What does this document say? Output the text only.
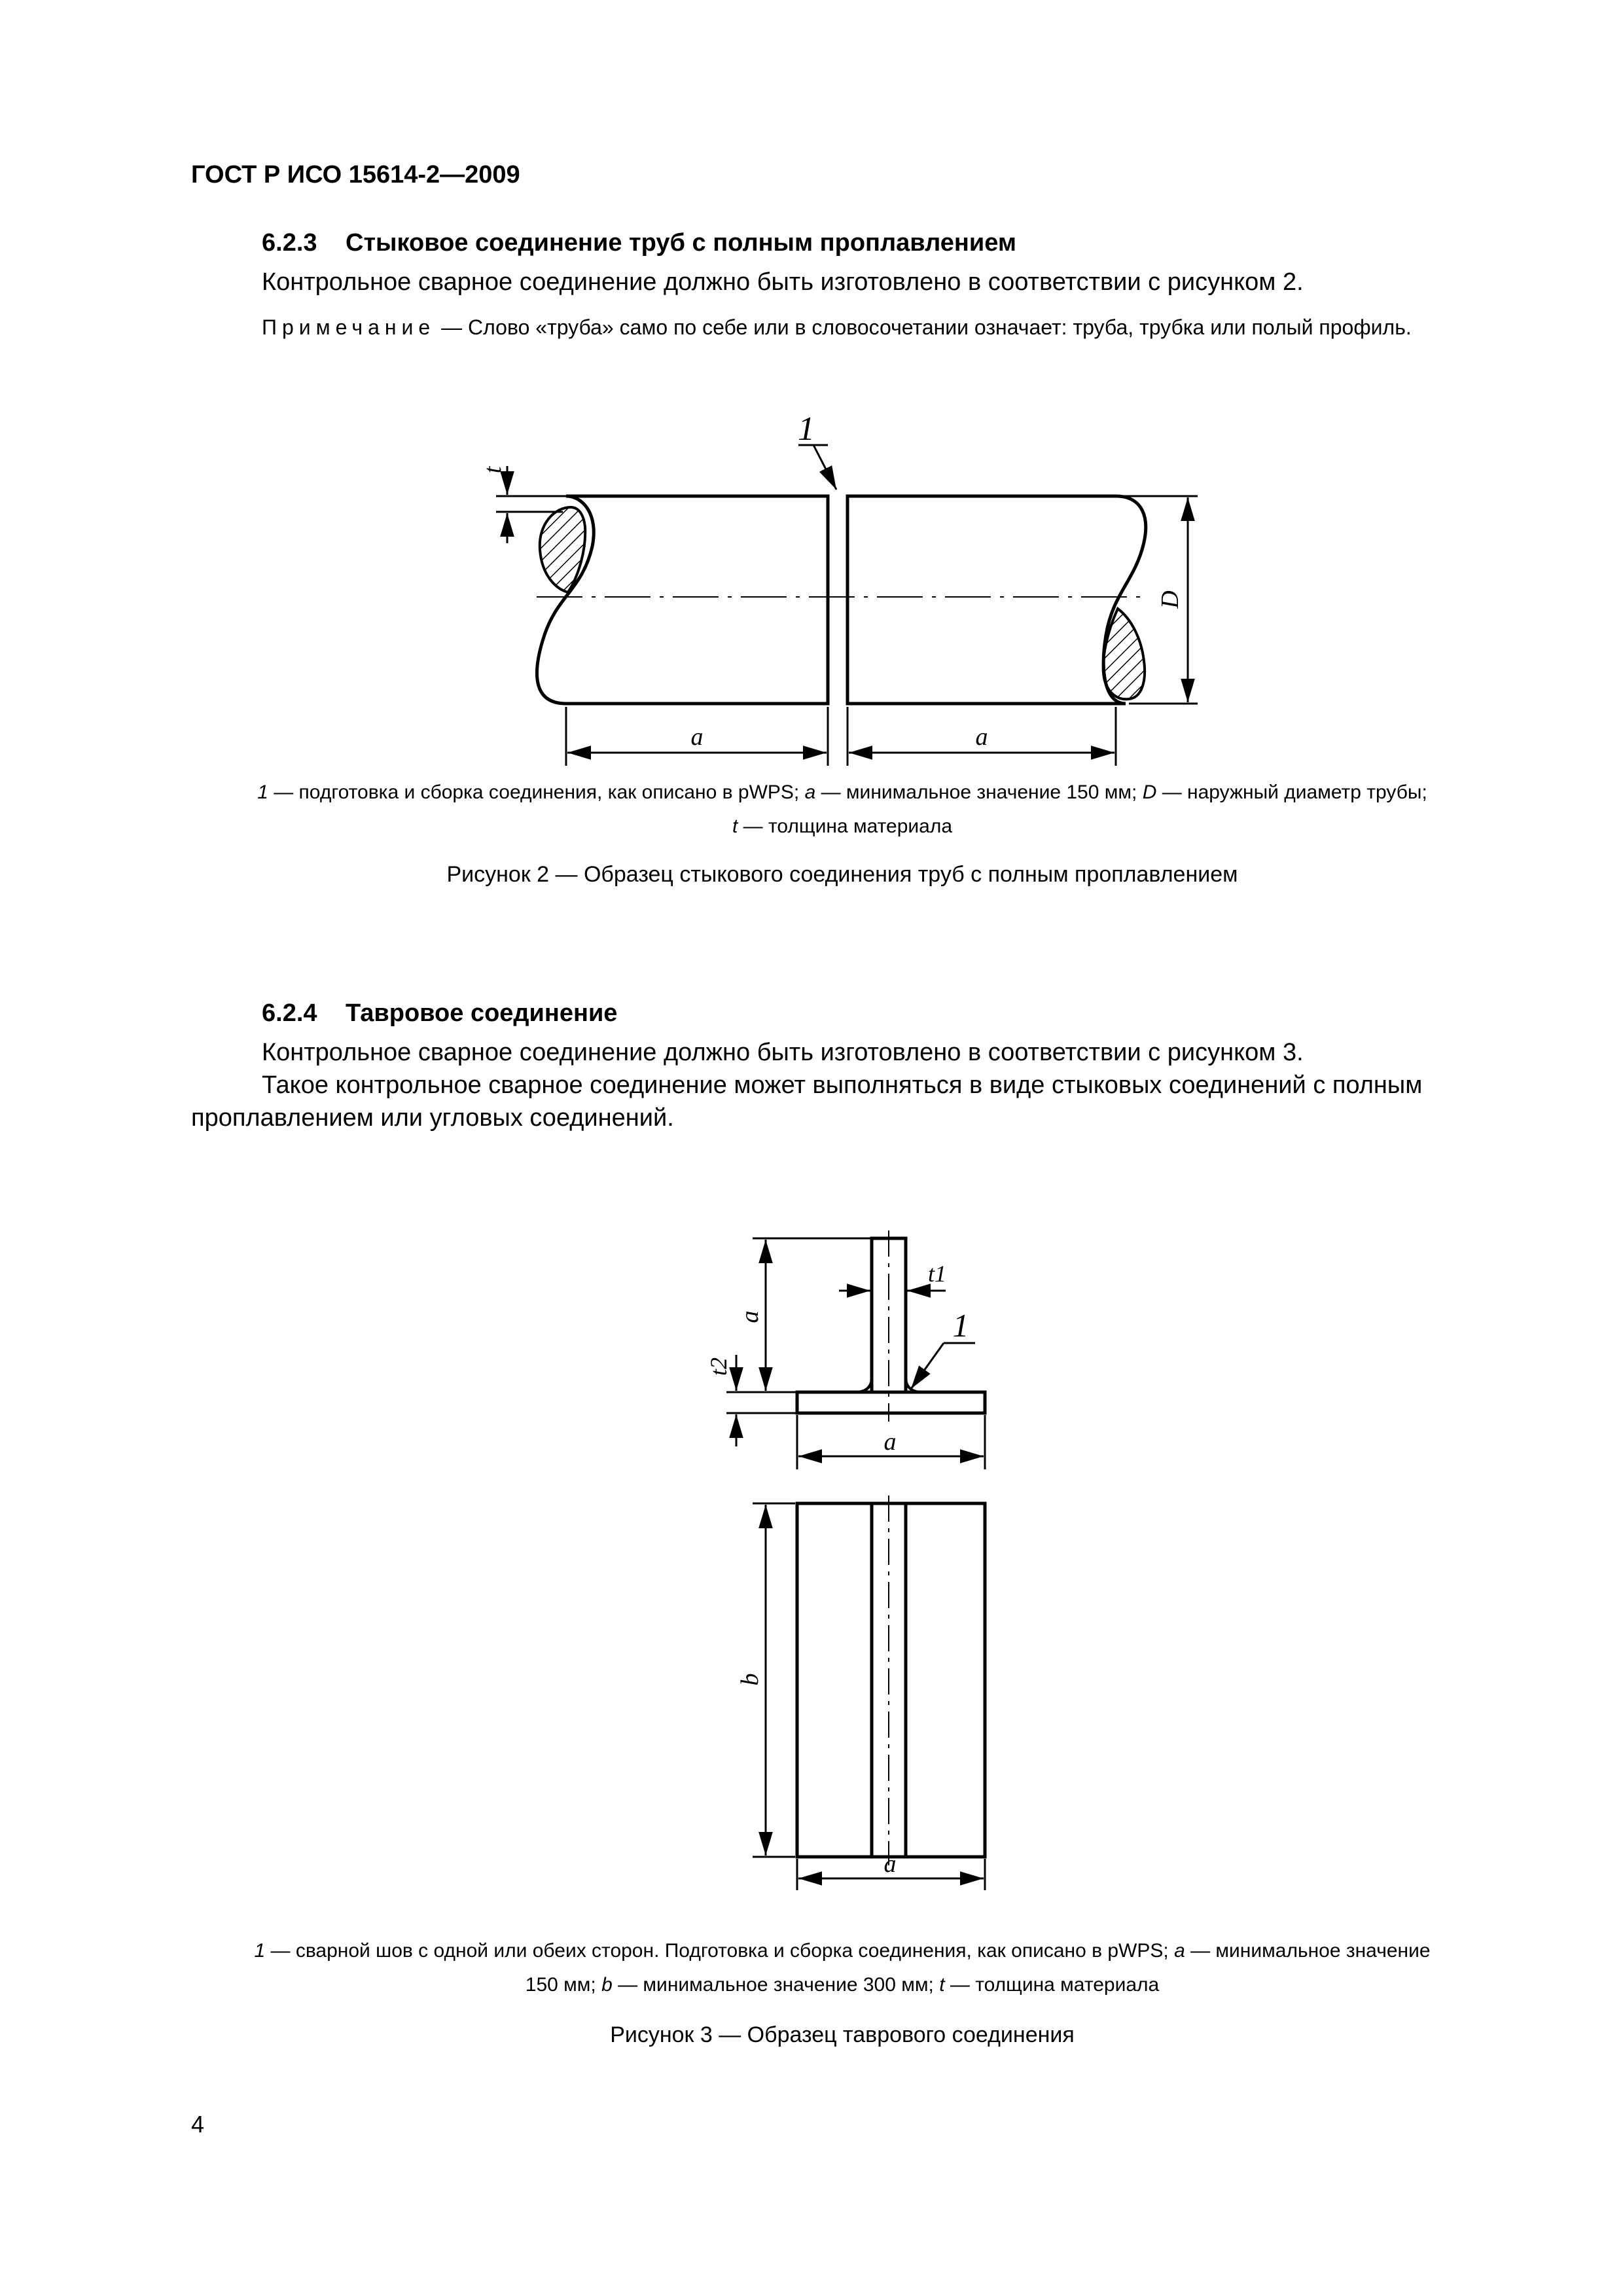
ГОСТ Р ИСО 15614-2—2009
6.2.3 Стыковое соединение труб с полным проплавлением
Контрольное сварное соединение должно быть изготовлено в соответствии с рисунком 2.
Примечание — Слово «труба» само по себе или в словосочетании означает: труба, трубка или полый профиль.
1
t
D
a	a
1 — подготовка и сборка соединения, как описано в pWPS; a — минимальное значение 150 мм; D — наружный диаметр трубы;
t — толщина материала
Рисунок 2 — Образец стыкового соединения труб с полным проплавлением
6.2.4 Тавровое соединение
Контрольное сварное соединение должно быть изготовлено в соответствии с рисунком 3.
Такое контрольное сварное соединение может выполняться в виде стыковых соединений с полным
проплавлением или угловых соединений.
a
t2
t1
1
a
b
a
1 — сварной шов с одной или обеих сторон. Подготовка и сборка соединения, как описано в pWPS; a — минимальное значение
150 мм; b — минимальное значение 300 мм; t — толщина материала
Рисунок 3 — Образец таврового соединения
4
